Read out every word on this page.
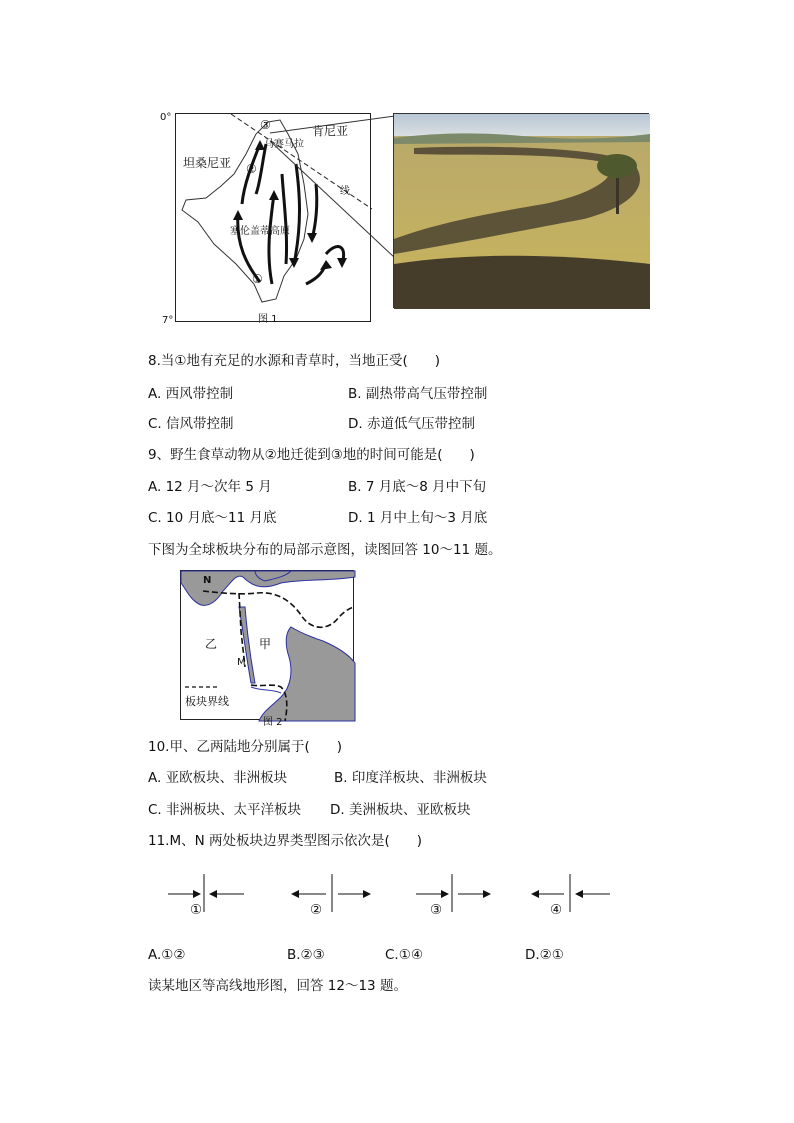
0°
7°
坦桑尼亚
肯尼亚
马赛马拉
塞伦盖蒂高原
线
③
②
①
图 1
8.当①地有充足的水源和青草时，当地正受(　　)
A. 西风带控制	B. 副热带高气压带控制
C. 信风带控制	D. 赤道低气压带控制
9、野生食草动物从②地迁徙到③地的时间可能是(　　)
A. 12 月～次年 5 月	B. 7 月底～8 月中下旬
C. 10 月底～11 月底	D. 1 月中上旬～3 月底
下图为全球板块分布的局部示意图，读图回答 10～11 题。
N
M
乙	甲
板块界线
图 2
10.甲、乙两陆地分别属于(　　)
A. 亚欧板块、非洲板块	B. 印度洋板块、非洲板块
C. 非洲板块、太平洋板块 D. 美洲板块、亚欧板块
11.M、N 两处板块边界类型图示依次是(　　)
①	②	③	④
A.①②	B.②③	C.①④	D.②①
读某地区等高线地形图，回答 12～13 题。
